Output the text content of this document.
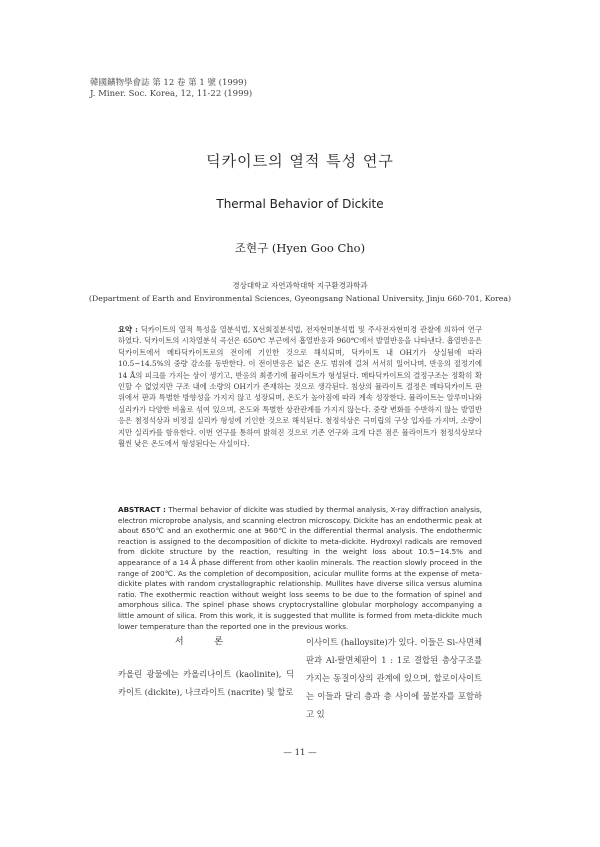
韓國鑛物學會誌 第 12 卷 第 1 號 (1999)
J. Miner. Soc. Korea, 12, 11-22 (1999)
딕카이트의 열적 특성 연구
Thermal Behavior of Dickite
조현구 (Hyen Goo Cho)
경상대학교 자연과학대학 지구환경과학과
(Department of Earth and Environmental Sciences, Gyeongsang National University, Jinju 660-701, Korea)
요약 : 딕카이트의 열적 특성을 열분석법, X선회절분석법, 전자현미분석법 및 주사전자현미경 관찰에 의하여 연구하였다. 딕카이트의 시차열분석 곡선은 650℃ 부근에서 흡열반응과 960℃에서 발열반응을 나타낸다. 흡열반응은 딕카이트에서 메타딕카이트로의 전이에 기인한 것으로 해석되며, 딕카이트 내 OH기가 상실됨에 따라 10.5~14.5%의 중량 감소를 동반한다. 이 전이반응은 넓은 온도 범위에 걸쳐 서서히 일어나며, 반응의 절정기에 14 Å의 피크를 가지는 상이 생기고, 반응의 최종기에 뮬라이트가 형성된다. 메타딕카이트의 결정구조는 정확히 확인할 수 없었지만 구조 내에 소량의 OH기가 존재하는 것으로 생각된다. 침상의 뮬라이트 결정은 메타딕카이트 판 위에서 판과 특별한 방향성을 가지지 않고 성장되며, 온도가 높아짐에 따라 계속 성장한다. 뮬라이트는 알루미나와 실리카가 다양한 비율로 섞여 있으며, 온도와 특별한 상관관계를 가지지 않는다. 중량 변화를 수반하지 않는 발열반응은 첨정석상과 비정질 실리카 형성에 기인한 것으로 해석된다. 첨정석상은 극미립의 구상 입자를 가지며, 소량이지만 실리카를 함유한다. 이번 연구를 통하여 밝혀진 것으로 기존 연구와 크게 다른 점은 뮬라이트가 첨정석상보다 훨씬 낮은 온도에서 형성된다는 사실이다.
ABSTRACT : Thermal behavior of dickite was studied by thermal analysis, X-ray diffraction analysis, electron microprobe analysis, and scanning electron microscopy. Dickite has an endothermic peak at about 650℃ and an exothermic one at 960℃ in the differential thermal analysis. The endothermic reaction is assigned to the decomposition of dickite to meta-dickite. Hydroxyl radicals are removed from dickite structure by the reaction, resulting in the weight loss about 10.5~14.5% and appearance of a 14 Å phase different from other kaolin minerals. The reaction slowly proceed in the range of 200℃. As the completion of decomposition, acicular mullite forms at the expense of meta-dickite plates with random crystallographic relationship. Mullites have diverse silica versus alumina ratio. The exothermic reaction without weight loss seems to be due to the formation of spinel and amorphous silica. The spinel phase shows cryptocrystalline globular morphology accompanying a little amount of silica. From this work, it is suggested that mullite is formed from meta-dickite much lower temperature than the reported one in the previous works.
서 론

카올린 광물에는 카올리나이트 (kaolinite), 딕카이트 (dickite), 나크라이트 (nacrite) 및 할로

이사이트 (halloysite)가 있다. 이들은 Si-사면체판과 Al-팔면체판이 1 : 1로 결합된 층상구조를 가지는 동질이상의 관계에 있으며, 할로이사이트는 이들과 달리 층과 층 사이에 물분자를 포함하고 있

— 11 —
